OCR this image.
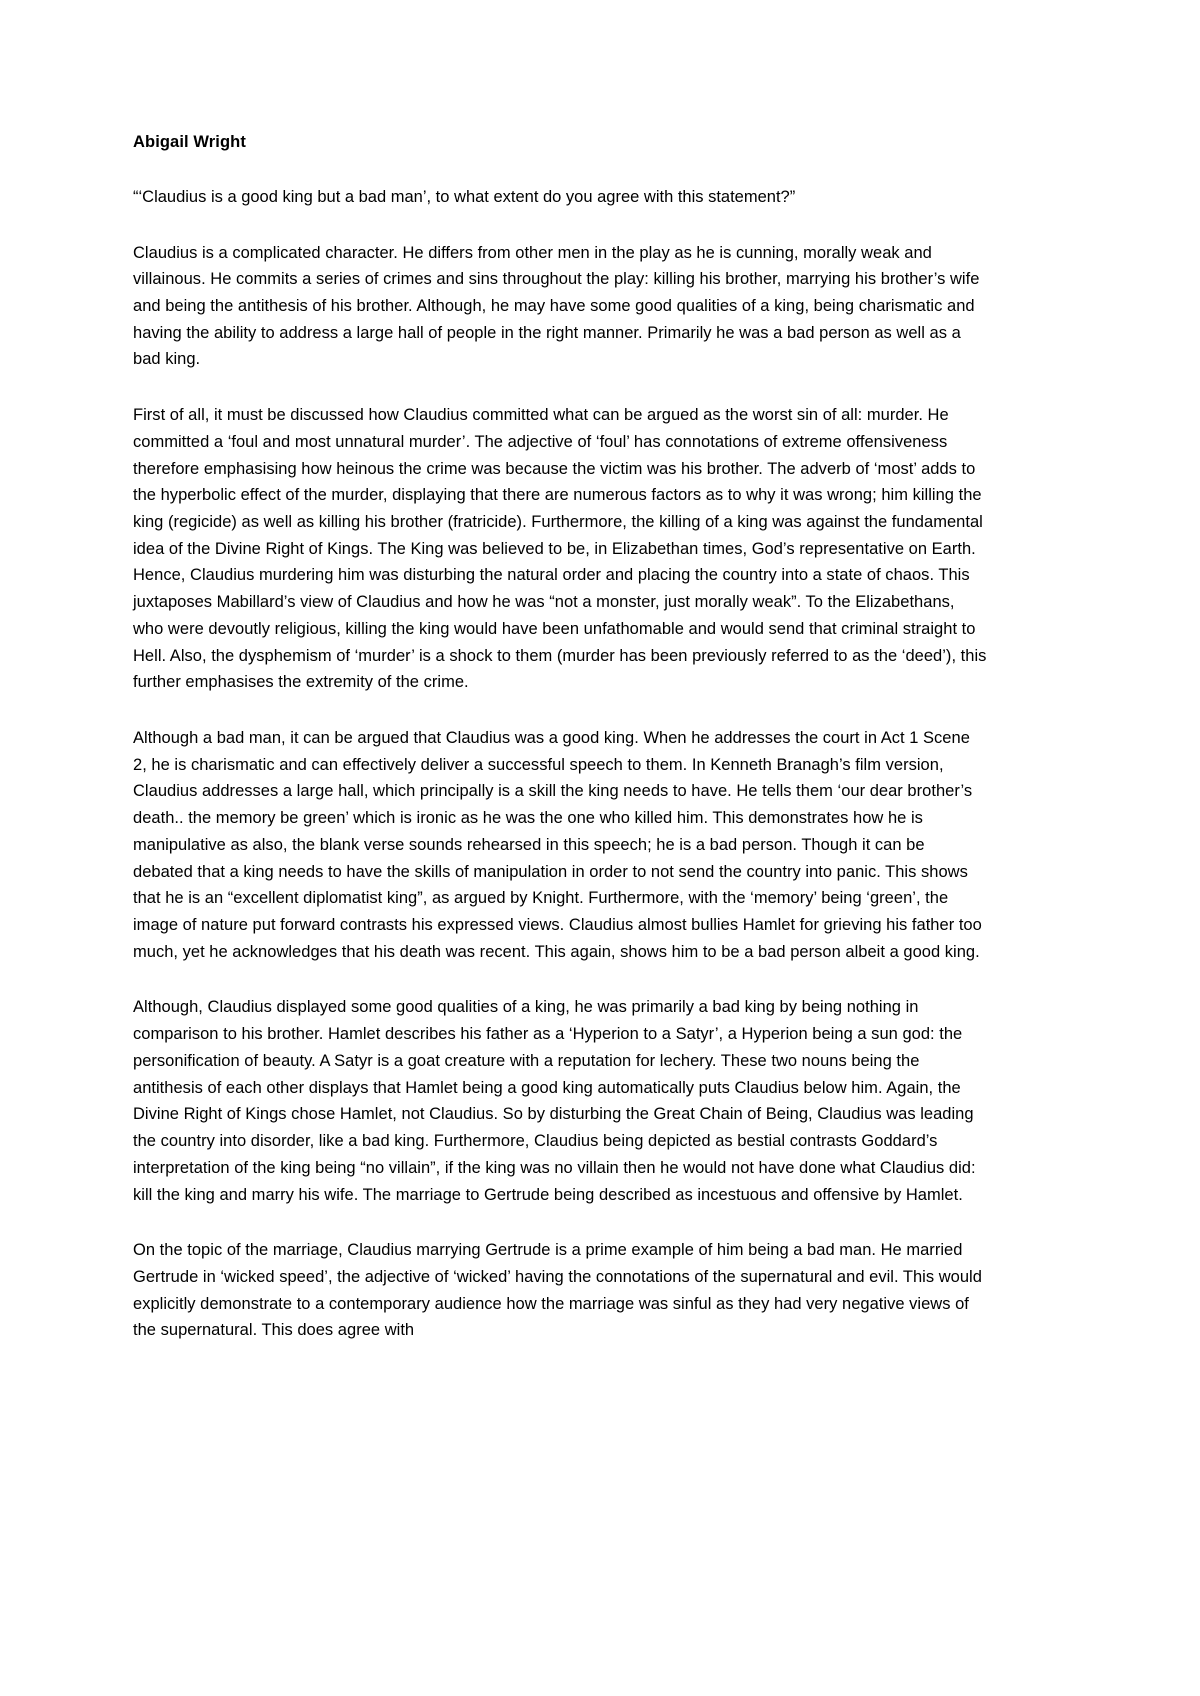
Abigail Wright

“‘Claudius is a good king but a bad man’, to what extent do you agree with this statement?”

Claudius is a complicated character. He differs from other men in the play as he is cunning, morally weak and villainous. He commits a series of crimes and sins throughout the play: killing his brother, marrying his brother’s wife and being the antithesis of his brother. Although, he may have some good qualities of a king, being charismatic and having the ability to address a large hall of people in the right manner. Primarily he was a bad person as well as a bad king.

First of all, it must be discussed how Claudius committed what can be argued as the worst sin of all: murder. He committed a ‘foul and most unnatural murder’. The adjective of ‘foul’ has connotations of extreme offensiveness therefore emphasising how heinous the crime was because the victim was his brother. The adverb of ‘most’ adds to the hyperbolic effect of the murder, displaying that there are numerous factors as to why it was wrong; him killing the king (regicide) as well as killing his brother (fratricide). Furthermore, the killing of a king was against the fundamental idea of the Divine Right of Kings. The King was believed to be, in Elizabethan times, God’s representative on Earth. Hence, Claudius murdering him was disturbing the natural order and placing the country into a state of chaos. This juxtaposes Mabillard’s view of Claudius and how he was “not a monster, just morally weak”. To the Elizabethans, who were devoutly religious, killing the king would have been unfathomable and would send that criminal straight to Hell. Also, the dysphemism of ‘murder’ is a shock to them (murder has been previously referred to as the ‘deed’), this further emphasises the extremity of the crime.

Although a bad man, it can be argued that Claudius was a good king. When he addresses the court in Act 1 Scene 2, he is charismatic and can effectively deliver a successful speech to them. In Kenneth Branagh’s film version, Claudius addresses a large hall, which principally is a skill the king needs to have. He tells them ‘our dear brother’s death.. the memory be green’ which is ironic as he was the one who killed him. This demonstrates how he is manipulative as also, the blank verse sounds rehearsed in this speech; he is a bad person. Though it can be debated that a king needs to have the skills of manipulation in order to not send the country into panic. This shows that he is an “excellent diplomatist king”, as argued by Knight. Furthermore, with the ‘memory’ being ‘green’, the image of nature put forward contrasts his expressed views. Claudius almost bullies Hamlet for grieving his father too much, yet he acknowledges that his death was recent. This again, shows him to be a bad person albeit a good king.

Although, Claudius displayed some good qualities of a king, he was primarily a bad king by being nothing in comparison to his brother. Hamlet describes his father as a ‘Hyperion to a Satyr’, a Hyperion being a sun god: the personification of beauty. A Satyr is a goat creature with a reputation for lechery. These two nouns being the antithesis of each other displays that Hamlet being a good king automatically puts Claudius below him. Again, the Divine Right of Kings chose Hamlet, not Claudius. So by disturbing the Great Chain of Being, Claudius was leading the country into disorder, like a bad king. Furthermore, Claudius being depicted as bestial contrasts Goddard’s interpretation of the king being “no villain”, if the king was no villain then he would not have done what Claudius did: kill the king and marry his wife. The marriage to Gertrude being described as incestuous and offensive by Hamlet.

On the topic of the marriage, Claudius marrying Gertrude is a prime example of him being a bad man. He married Gertrude in ‘wicked speed’, the adjective of ‘wicked’ having the connotations of the supernatural and evil. This would explicitly demonstrate to a contemporary audience how the marriage was sinful as they had very negative views of the supernatural. This does agree with
